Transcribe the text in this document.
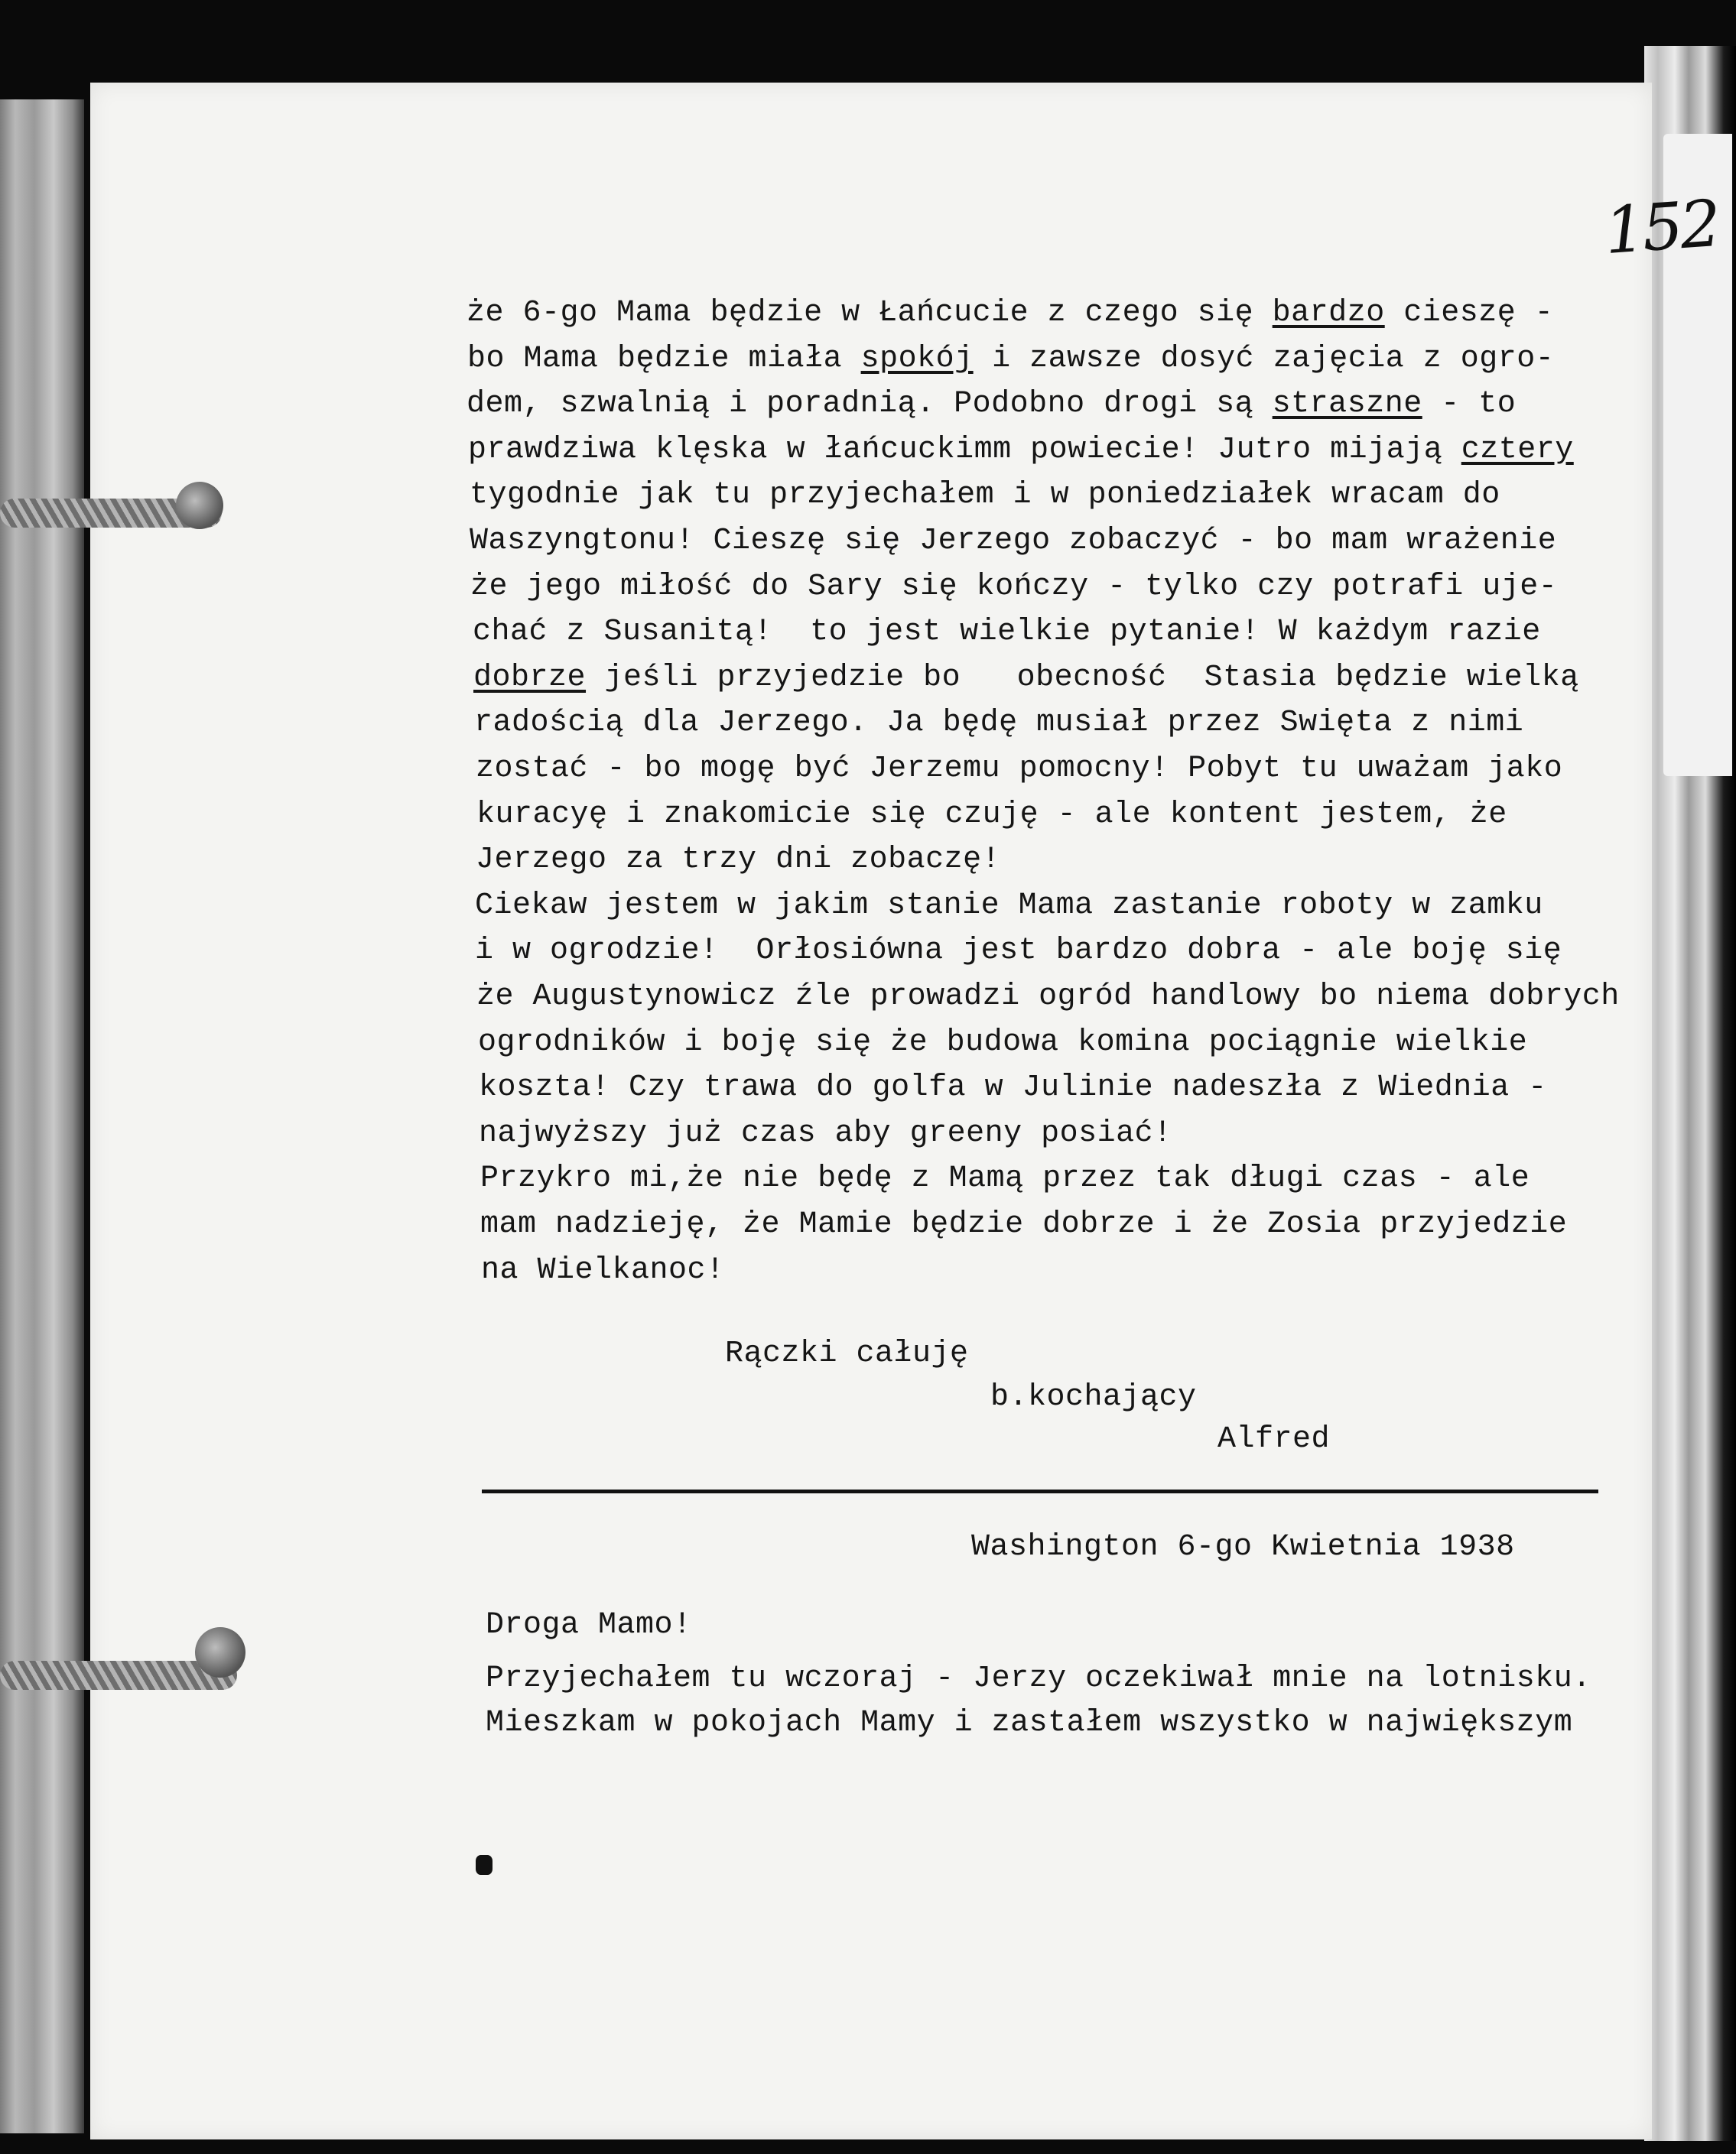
152
że 6-go Mama będzie w Łańcucie z czego się bardzo cieszę -
bo Mama będzie miała spokój i zawsze dosyć zajęcia z ogro-
dem, szwalnią i poradnią. Podobno drogi są straszne - to
prawdziwa klęska w łańcuckimm powiecie! Jutro mijają cztery
tygodnie jak tu przyjechałem i w poniedziałek wracam do
Waszyngtonu! Cieszę się Jerzego zobaczyć - bo mam wrażenie
że jego miłość do Sary się kończy - tylko czy potrafi uje-
chać z Susanitą!  to jest wielkie pytanie! W każdym razie
dobrze jeśli przyjedzie bo   obecność  Stasia będzie wielką
radością dla Jerzego. Ja będę musiał przez Swięta z nimi
zostać - bo mogę być Jerzemu pomocny! Pobyt tu uważam jako
kuracyę i znakomicie się czuję - ale kontent jestem, że
Jerzego za trzy dni zobaczę!
Ciekaw jestem w jakim stanie Mama zastanie roboty w zamku
i w ogrodzie!  Orłosiówna jest bardzo dobra - ale boję się
że Augustynowicz źle prowadzi ogród handlowy bo niema dobrych
ogrodników i boję się że budowa komina pociągnie wielkie
koszta! Czy trawa do golfa w Julinie nadeszła z Wiednia -
najwyższy już czas aby greeny posiać!
Przykro mi,że nie będę z Mamą przez tak długi czas - ale
mam nadzieję, że Mamie będzie dobrze i że Zosia przyjedzie
na Wielkanoc!
Rączki całuję
b.kochający
Alfred
Washington 6-go Kwietnia 1938
Droga Mamo!
Przyjechałem tu wczoraj - Jerzy oczekiwał mnie na lotnisku.
Mieszkam w pokojach Mamy i zastałem wszystko w największym
